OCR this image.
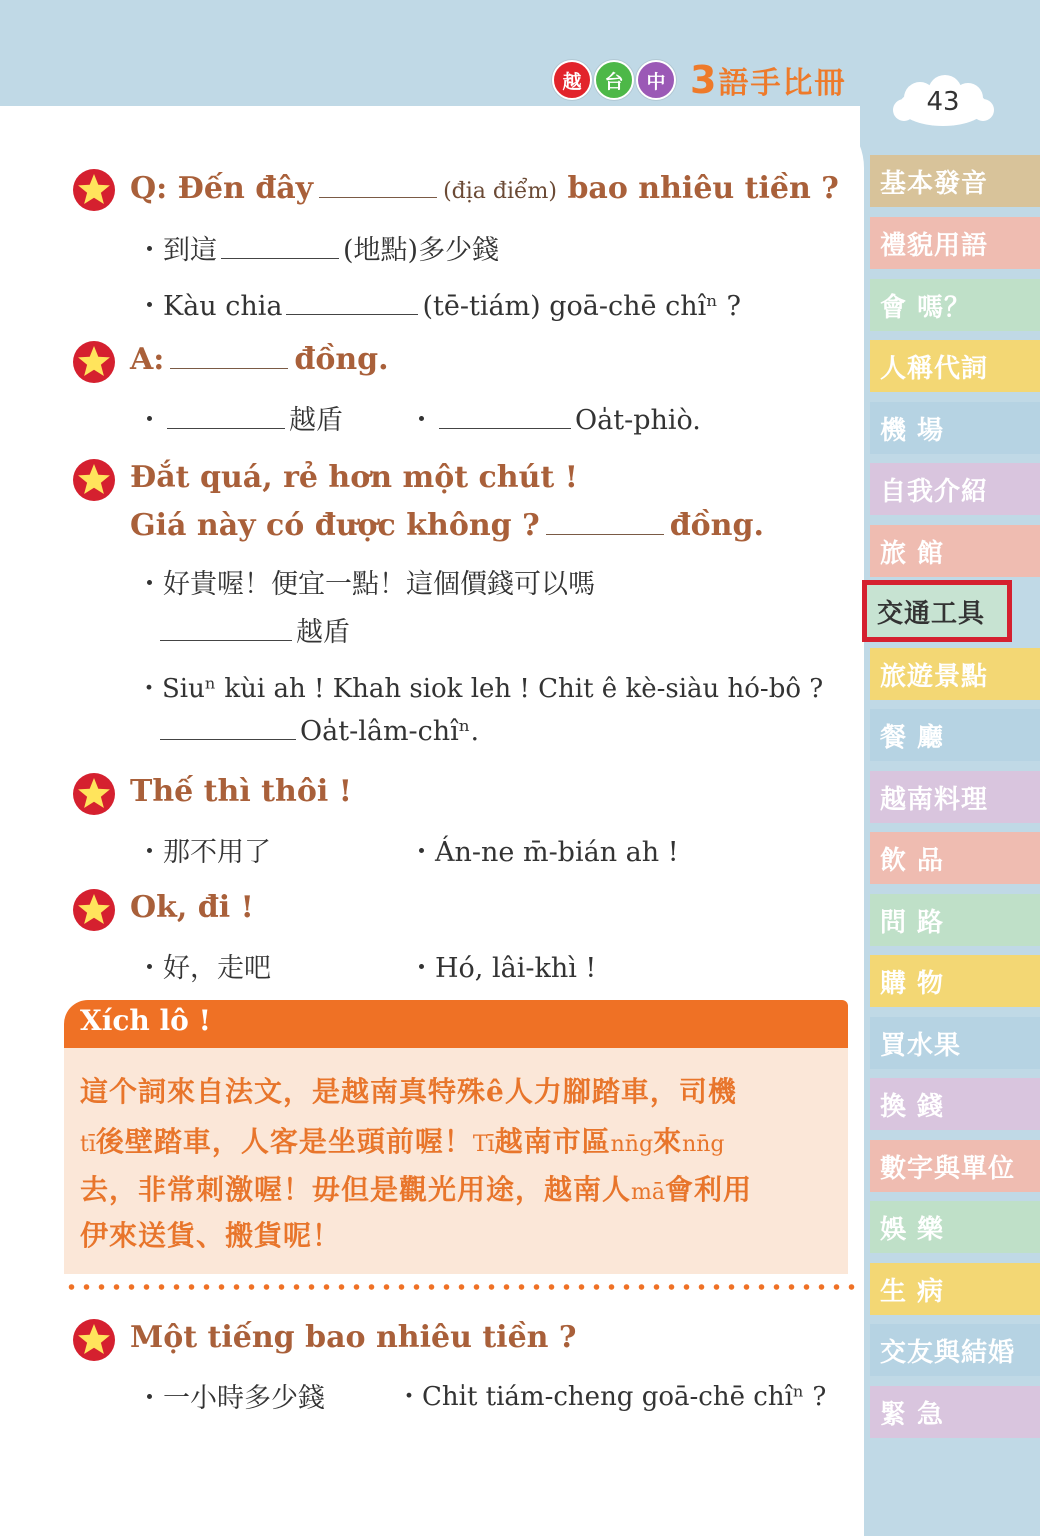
越	台	中 3語手比冊
43
基本發音
禮貌用語
會 嗎？
人稱代詞
機 場
自我介紹
旅 館
交通工具
旅遊景點
餐 廳
越南料理
飲 品
問 路
購 物
買水果
換 錢
數字與單位
娛 樂
生 病
交友與結婚
緊 急
Q: Đến đây	(địa điểm) bao nhiêu tiền ?
・到這	(地點)多少錢
・Kàu chia	(tē-tiám) goā-chē chîⁿ ?
A:	đồng.
・	越盾 ・	Oa̍t-phiò.
Đắt quá, rẻ hơn một chút !
Giá này có được không ?	đồng.
・好貴喔！便宜一點！這個價錢可以嗎
越盾
・Siuⁿ kùi ah ! Khah siok leh ! Chit ê kè-siàu hó-bô ?
Oa̍t-lâm-chîⁿ.
Thế thì thôi !
・那不用了	・Án-ne m̄-bián ah !
Ok, đi !
・好，走吧	・Hó, lâi-khì !
Xích lô !
這个詞來自法文，是越南真特殊ê人力腳踏車，司機
tī後壁踏車，人客是坐頭前喔！Tī越南市區nn̄g來nn̄g
去，非常刺激喔！毋但是觀光用途，越南人mā會利用
伊來送貨、搬貨呢！
Một tiếng bao nhiêu tiền ?
・一小時多少錢	・Chi̍t tiám-cheng goā-chē chîⁿ ?
